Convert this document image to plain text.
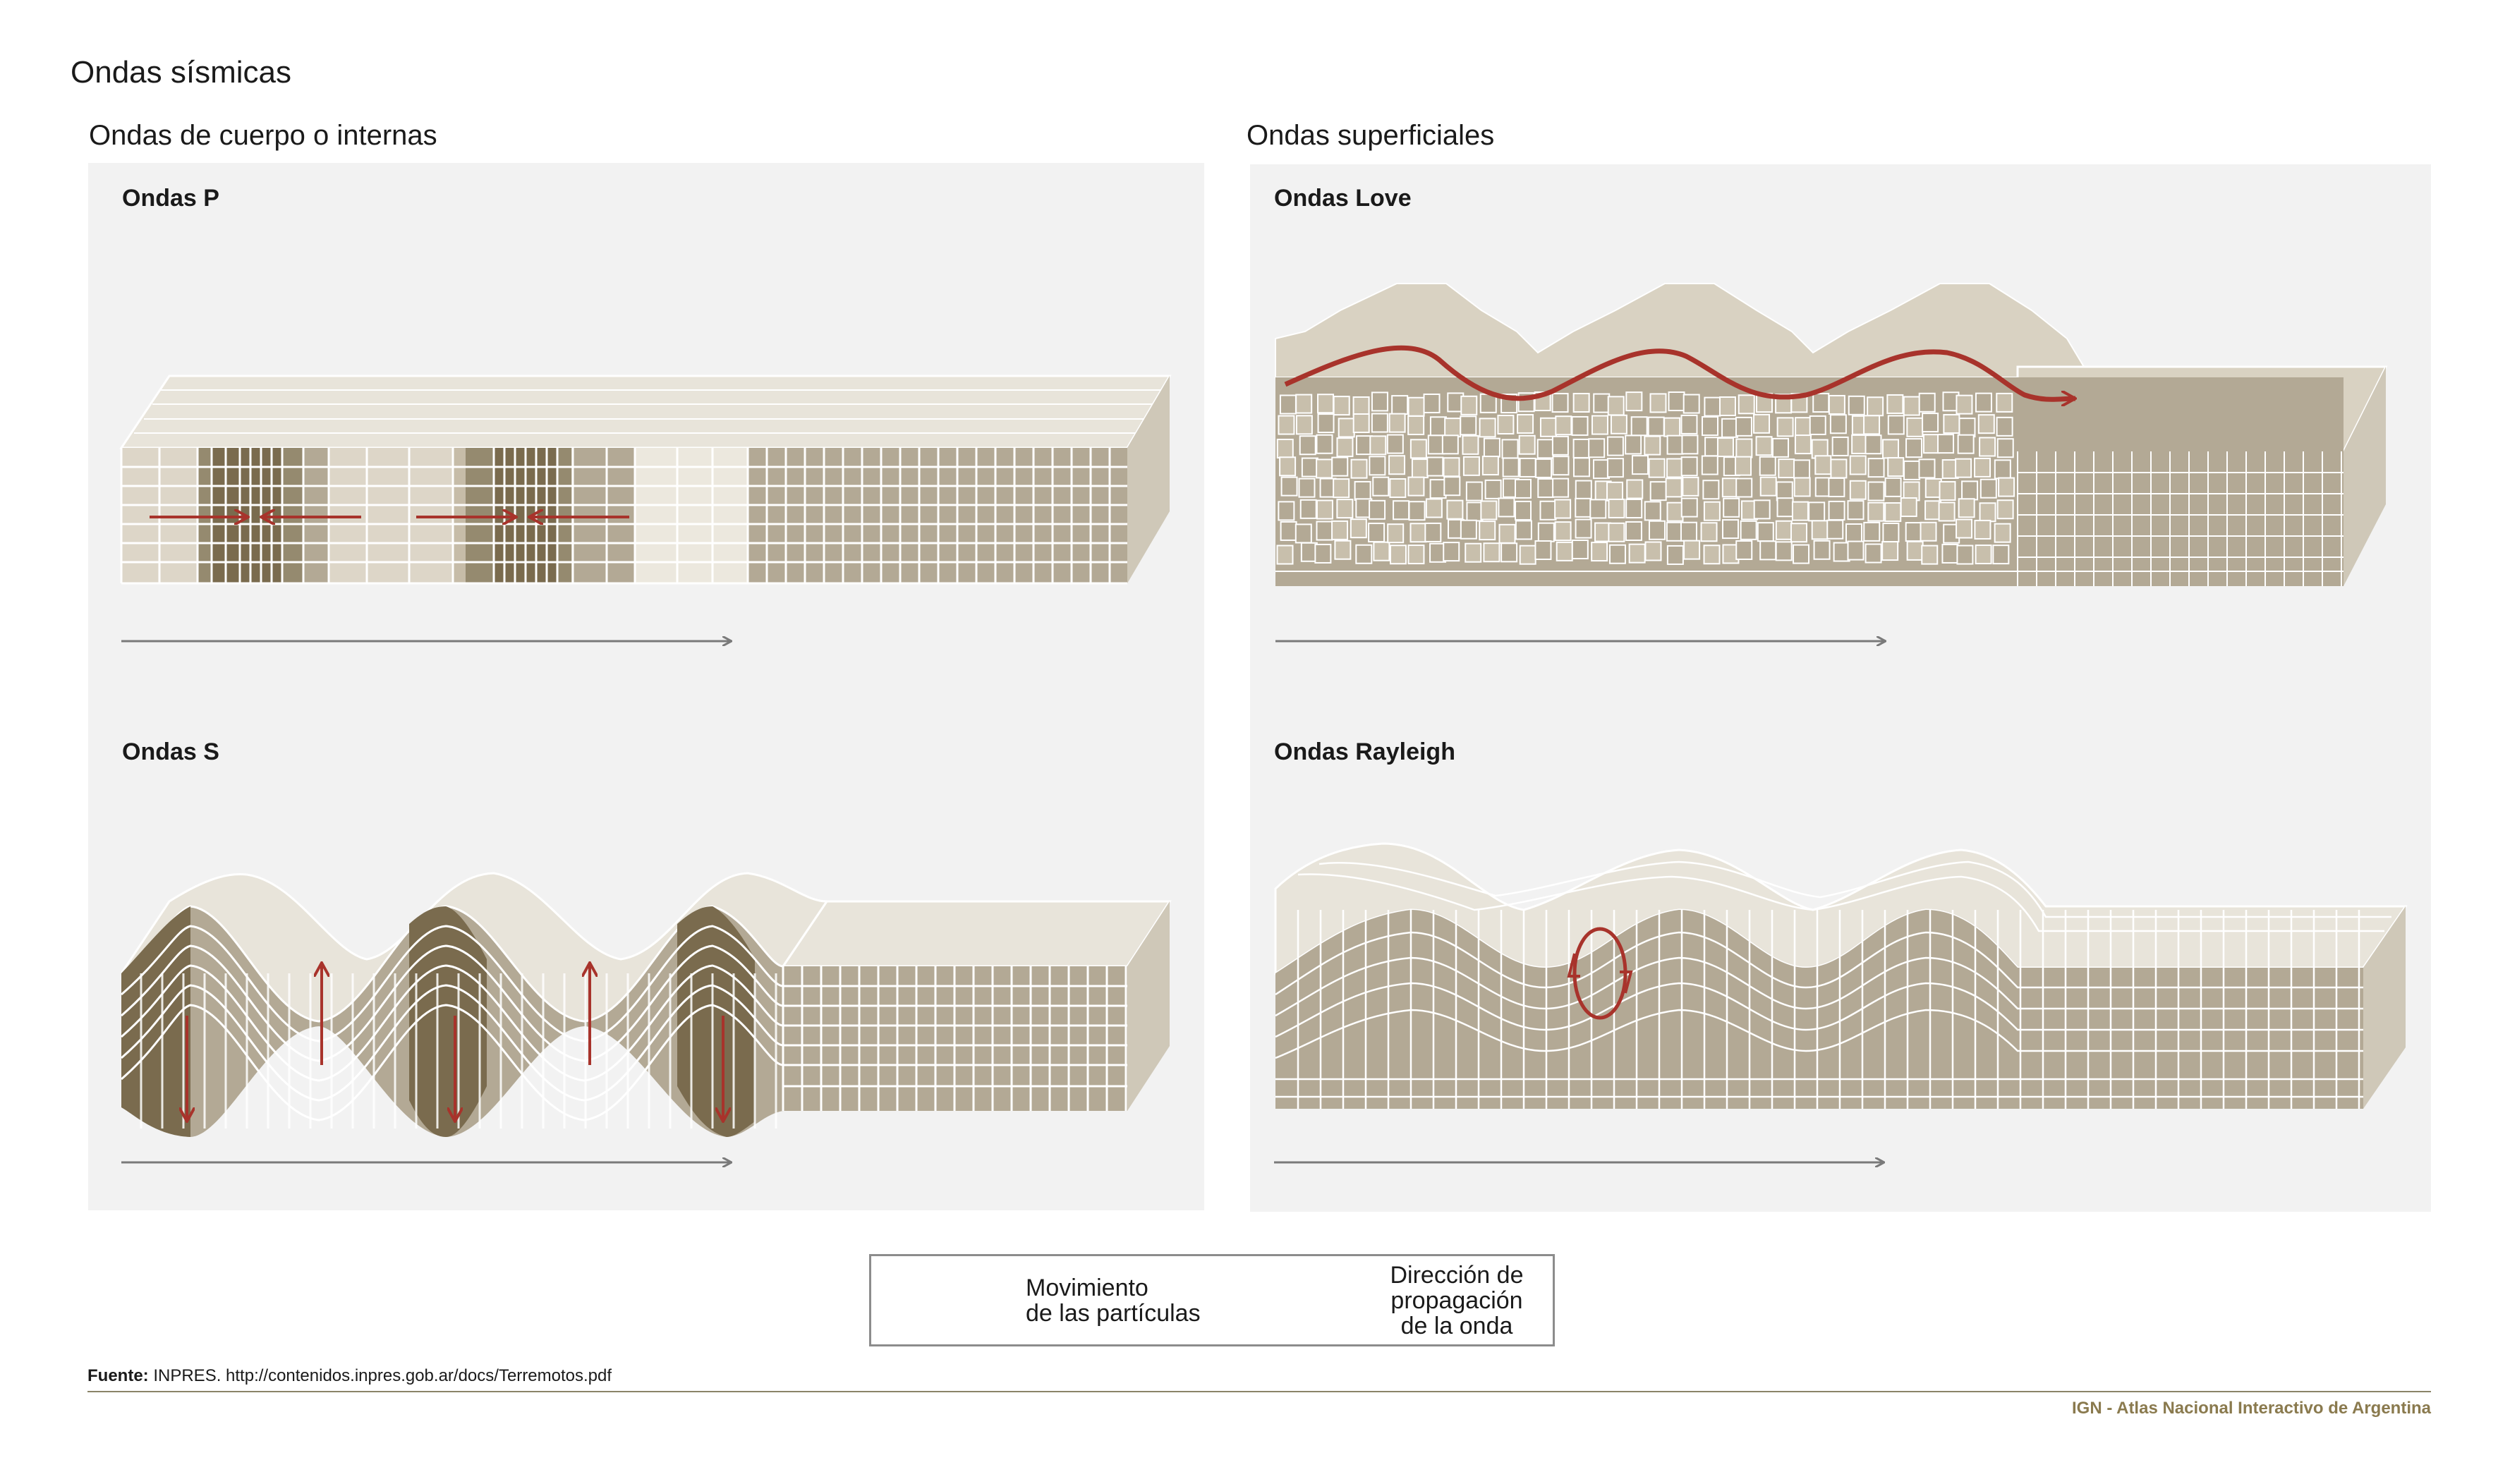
Ondas sísmicas
Ondas de cuerpo o internas	Ondas superficiales
Ondas P
Ondas S
Ondas Love
Ondas Rayleigh
Movimiento
de las partículas
Dirección de
propagación
de la onda
Fuente: INPRES. http://contenidos.inpres.gob.ar/docs/Terremotos.pdf
IGN - Atlas Nacional Interactivo de Argentina
